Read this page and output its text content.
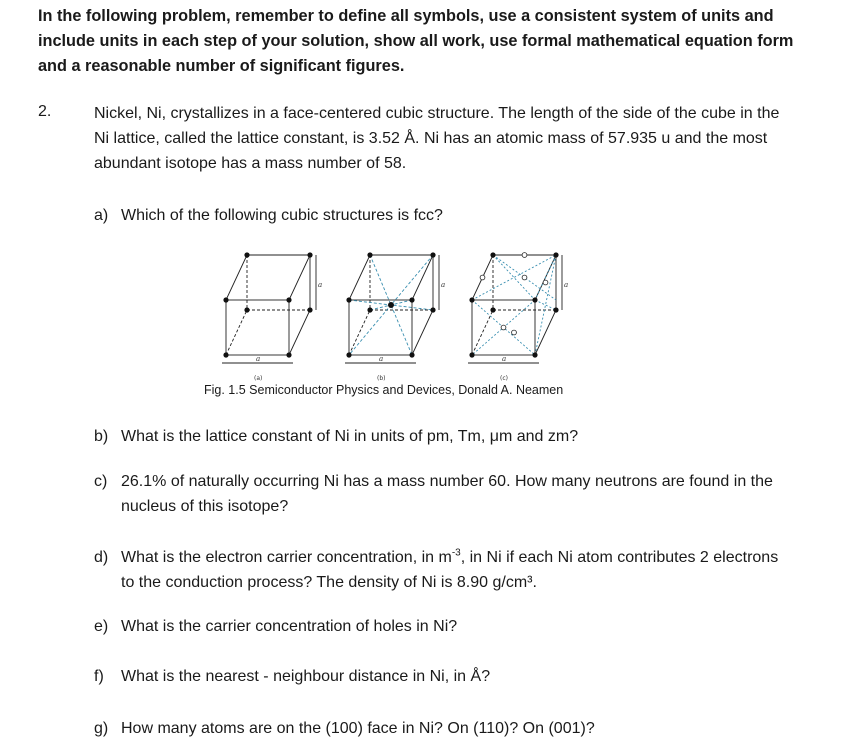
In the following problem, remember to define all symbols, use a consistent system of units and include units in each step of your solution, show all work, use formal mathematical equation form and a reasonable number of significant figures.

2.	Nickel, Ni, crystallizes in a face-centered cubic structure. The length of the side of the cube in the Ni lattice, called the lattice constant, is 3.52 Å. Ni has an atomic mass of 57.935 u and the most abundant isotope has a mass number of 58.

a) Which of the following cubic structures is fcc?
a
a
a
a
a
a
(a)	(b)	(c)

Fig. 1.5 Semiconductor Physics and Devices, Donald A. Neamen

b) What is the lattice constant of Ni in units of pm, Tm, μm and zm?
c) 26.1% of naturally occurring Ni has a mass number 60. How many neutrons are found in the nucleus of this isotope?
d) What is the electron carrier concentration, in $m^{-3}$, in Ni if each Ni atom contributes 2 electrons to the conduction process? The density of Ni is 8.90 g/cm³.
e) What is the carrier concentration of holes in Ni?
f) What is the nearest - neighbour distance in Ni, in Å?
g) How many atoms are on the (100) face in Ni? On (110)? On (001)?
